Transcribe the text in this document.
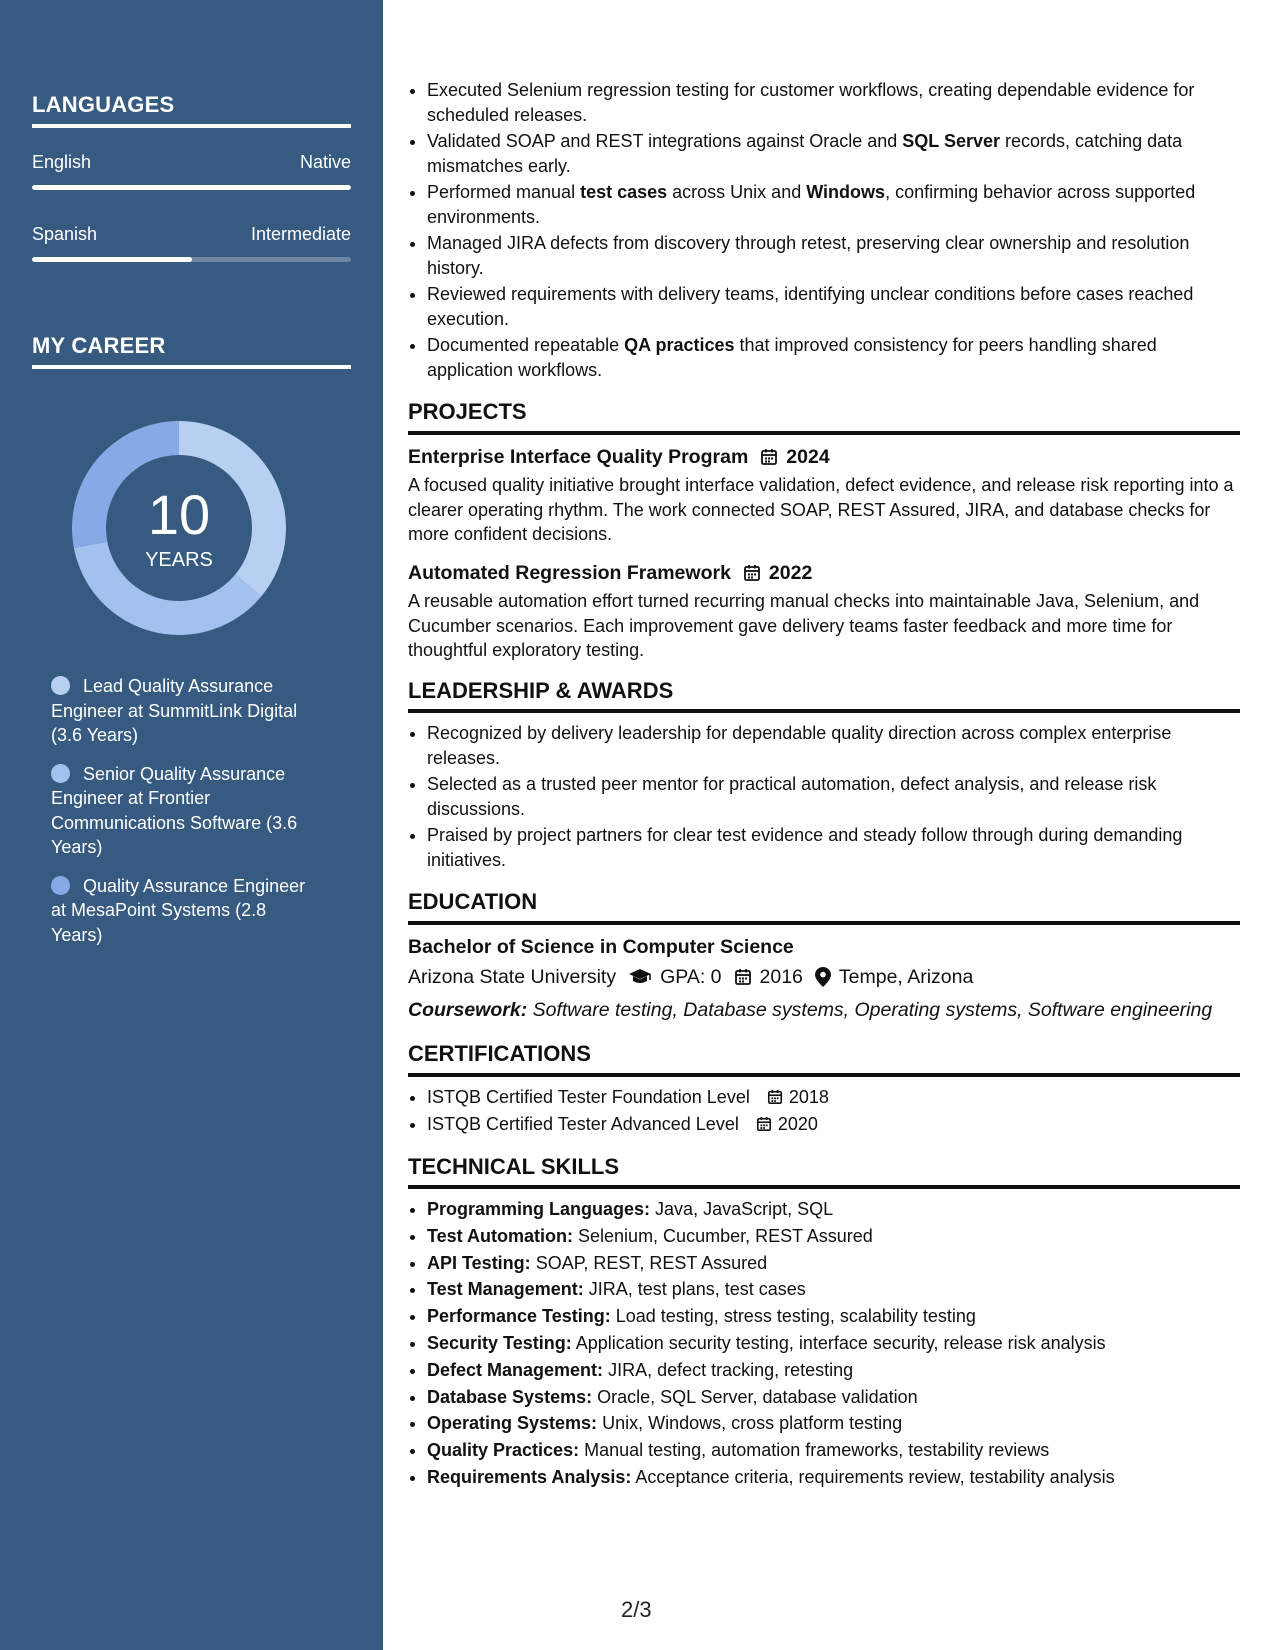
LANGUAGES
English	Native
Spanish	Intermediate
MY CAREER
10
YEARS
Lead Quality Assurance Engineer at SummitLink Digital (3.6 Years)
Senior Quality Assurance Engineer at Frontier Communications Software (3.6 Years)
Quality Assurance Engineer at MesaPoint Systems (2.8 Years)
• Executed Selenium regression testing for customer workflows, creating dependable evidence for scheduled releases.
• Validated SOAP and REST integrations against Oracle and SQL Server records, catching data mismatches early.
• Performed manual test cases across Unix and Windows, confirming behavior across supported environments.
• Managed JIRA defects from discovery through retest, preserving clear ownership and resolution history.
• Reviewed requirements with delivery teams, identifying unclear conditions before cases reached execution.
• Documented repeatable QA practices that improved consistency for peers handling shared application workflows.
PROJECTS
Enterprise Interface Quality Program 2024
A focused quality initiative brought interface validation, defect evidence, and release risk reporting into a clearer operating rhythm. The work connected SOAP, REST Assured, JIRA, and database checks for more confident decisions.
Automated Regression Framework 2022
A reusable automation effort turned recurring manual checks into maintainable Java, Selenium, and Cucumber scenarios. Each improvement gave delivery teams faster feedback and more time for thoughtful exploratory testing.
LEADERSHIP & AWARDS
• Recognized by delivery leadership for dependable quality direction across complex enterprise releases.
• Selected as a trusted peer mentor for practical automation, defect analysis, and release risk discussions.
• Praised by project partners for clear test evidence and steady follow through during demanding initiatives.
EDUCATION
Bachelor of Science in Computer Science
Arizona State University GPA: 0 2016 Tempe, Arizona
Coursework: Software testing, Database systems, Operating systems, Software engineering
CERTIFICATIONS
• ISTQB Certified Tester Foundation Level 2018
• ISTQB Certified Tester Advanced Level 2020
TECHNICAL SKILLS
• Programming Languages: Java, JavaScript, SQL
• Test Automation: Selenium, Cucumber, REST Assured
• API Testing: SOAP, REST, REST Assured
• Test Management: JIRA, test plans, test cases
• Performance Testing: Load testing, stress testing, scalability testing
• Security Testing: Application security testing, interface security, release risk analysis
• Defect Management: JIRA, defect tracking, retesting
• Database Systems: Oracle, SQL Server, database validation
• Operating Systems: Unix, Windows, cross platform testing
• Quality Practices: Manual testing, automation frameworks, testability reviews
• Requirements Analysis: Acceptance criteria, requirements review, testability analysis
2/3
